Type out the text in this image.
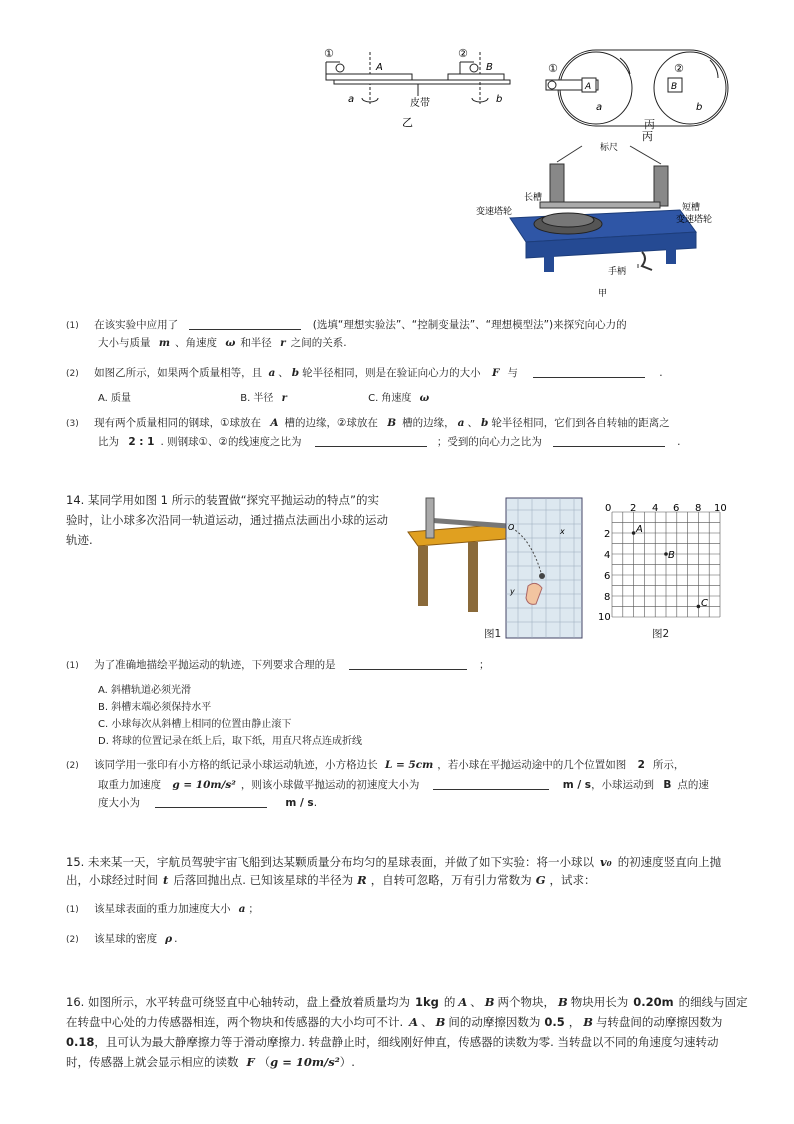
①	②
A	B
a	b
皮带
乙
A
①
B
②
a	b
丙
丙
标尺
长槽
变速塔轮	短槽
变速塔轮
手柄
甲
(1) 在该实验中应用了	(选填“理想实验法”、“控制变量法”、“理想模型法”)来探究向心力的
大小与质量 m 、角速度 ω 和半径 r 之间的关系.
(2) 如图乙所示，如果两个质量相等，且 a 、 b 轮半径相同，则是在验证向心力的大小 F 与	.
A. 质量	B. 半径 r	C. 角速度 ω
(3) 现有两个质量相同的钢球，①球放在 A 槽的边缘，②球放在 B 槽的边缘， a 、 b 轮半径相同，它们到各自转轴的距离之
比为 2 : 1 . 则钢球①、②的线速度之比为	；受到的向心力之比为	.
14. 某同学用如图 1 所示的装置做“探究平抛运动的特点”的实
验时，让小球多次沿同一轨道运动，通过描点法画出小球的运动
轨迹.
O	x
y
图1
0 2 4 6 8 10
2
4
6
8
10
A
B
C
图2
(1) 为了准确地描绘平抛运动的轨迹，下列要求合理的是	；
A. 斜槽轨道必须光滑
B. 斜槽末端必须保持水平
C. 小球每次从斜槽上相同的位置由静止滚下
D. 将球的位置记录在纸上后，取下纸，用直尺将点连成折线
(2) 该同学用一张印有小方格的纸记录小球运动轨迹，小方格边长 L = 5cm ，若小球在平抛运动途中的几个位置如图 2 所示，
取重力加速度 g = 10m/s² ，则该小球做平抛运动的初速度大小为	m / s，小球运动到 B 点的速
度大小为	m / s.
15. 未来某一天，宇航员驾驶宇宙飞船到达某颗质量分布均匀的星球表面，并做了如下实验：将一小球以 v₀ 的初速度竖直向上抛
出，小球经过时间 t 后落回抛出点. 已知该星球的半径为 R ，自转可忽略，万有引力常数为 G ，试求：
(1) 该星球表面的重力加速度大小 a ；
(2) 该星球的密度 ρ .
16. 如图所示，水平转盘可绕竖直中心轴转动，盘上叠放着质量均为 1kg 的 A 、 B 两个物块， B 物块用长为 0.20m 的细线与固定
在转盘中心处的力传感器相连，两个物块和传感器的大小均可不计. A 、 B 间的动摩擦因数为 0.5 ， B 与转盘间的动摩擦因数为
0.18，且可认为最大静摩擦力等于滑动摩擦力. 转盘静止时，细线刚好伸直，传感器的读数为零. 当转盘以不同的角速度匀速转动
时，传感器上就会显示相应的读数 F （g = 10m/s²）.
